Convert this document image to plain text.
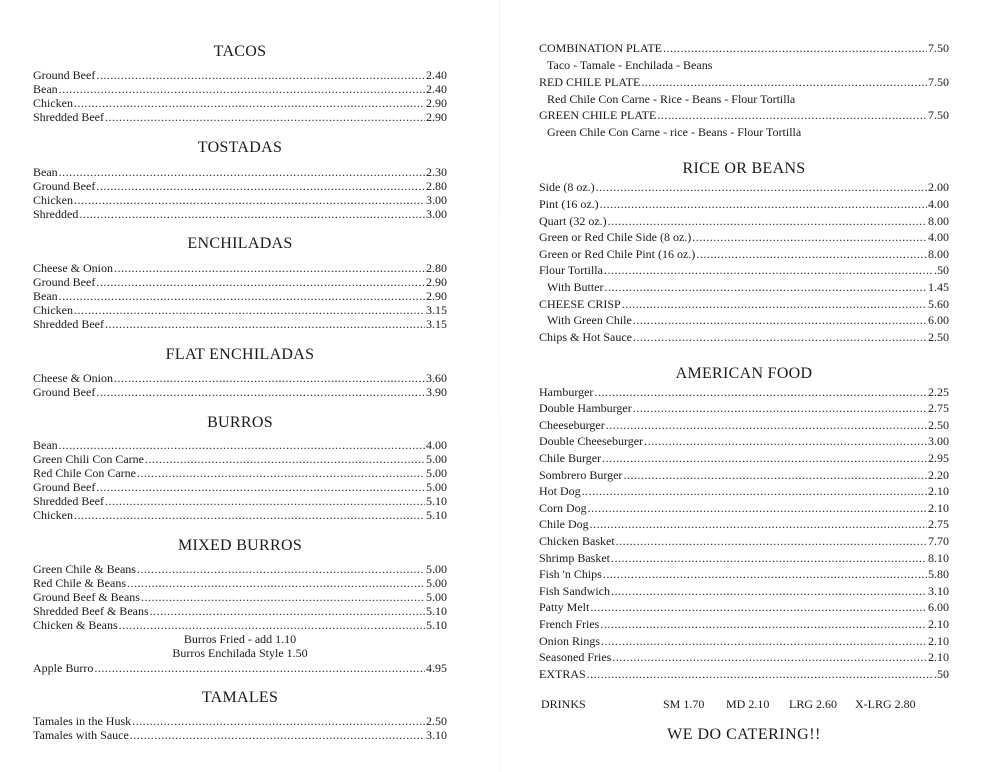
TACOS
Ground Beef .....	2.40
Bean .....	2.40
Chicken .....	2.90
Shredded Beef .....	2.90
TOSTADAS
Bean .....	2.30
Ground Beef .....	2.80
Chicken .....	3.00
Shredded .....	3.00
ENCHILADAS
Cheese & Onion .....	2.80
Ground Beef .....	2.90
Bean .....	2.90
Chicken .....	3.15
Shredded Beef .....	3.15
FLAT ENCHILADAS
Cheese & Onion .....	3.60
Ground Beef .....	3.90
BURROS
Bean .....	4.00
Green Chili Con Carne .....	5.00
Red Chile Con Carne .....	5.00
Ground Beef .....	5.00
Shredded Beef .....	5.10
Chicken .....	5.10
MIXED BURROS
Green Chile & Beans .....	5.00
Red Chile & Beans .....	5.00
Ground Beef & Beans .....	5.00
Shredded Beef & Beans .....	5.10
Chicken & Beans .....	5.10
Burros Fried - add 1.10
Burros Enchilada Style 1.50
Apple Burro .....	4.95
TAMALES
Tamales in the Husk .....	2.50
Tamales with Sauce .....	3.10
COMBINATION PLATE .....	7.50
Taco - Tamale - Enchilada - Beans
RED CHILE PLATE .....	7.50
Red Chile Con Carne - Rice - Beans - Flour Tortilla
GREEN CHILE PLATE .....	7.50
Green Chile Con Carne - rice - Beans - Flour Tortilla
RICE OR BEANS
Side (8 oz.) .....	2.00
Pint (16 oz.) .....	4.00
Quart (32 oz.) .....	8.00
Green or Red Chile Side (8 oz.) .....	4.00
Green or Red Chile Pint (16 oz.) .....	8.00
Flour Tortilla .....	.50
With Butter .....	1.45
CHEESE CRISP .....	5.60
With Green Chile .....	6.00
Chips & Hot Sauce .....	2.50
AMERICAN FOOD
Hamburger .....	2.25
Double Hamburger .....	2.75
Cheeseburger .....	2.50
Double Cheeseburger .....	3.00
Chile Burger .....	2.95
Sombrero Burger .....	2.20
Hot Dog .....	2.10
Corn Dog .....	2.10
Chile Dog .....	2.75
Chicken Basket .....	7.70
Shrimp Basket .....	8.10
Fish 'n Chips .....	5.80
Fish Sandwich .....	3.10
Patty Melt .....	6.00
French Fries .....	2.10
Onion Rings .....	2.10
Seasoned Fries .....	2.10
EXTRAS .....	.50
DRINKS	SM 1.70 MD 2.10 LRG 2.60 X-LRG 2.80
WE DO CATERING!!
